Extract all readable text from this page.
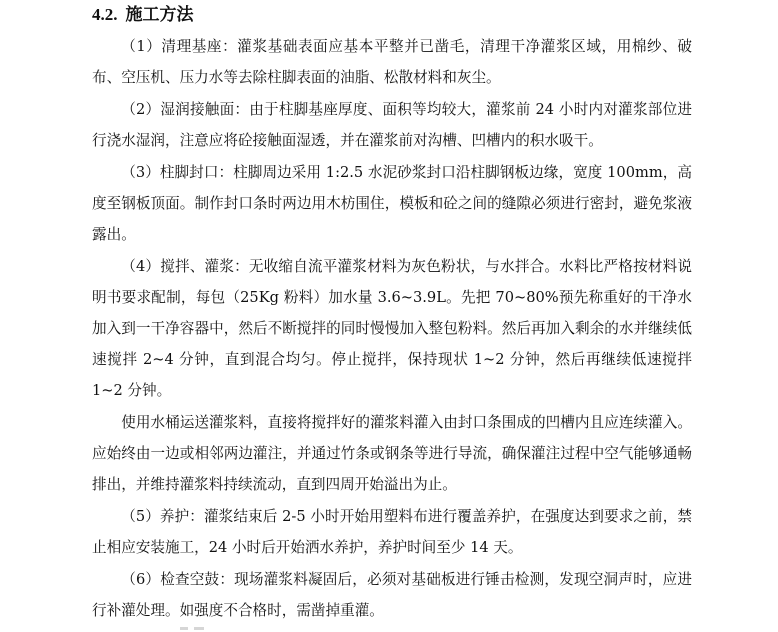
4.2. 施工方法

（1）清理基座：灌浆基础表面应基本平整并已凿毛，清理干净灌浆区域，用棉纱、破布、空压机、压力水等去除柱脚表面的油脂、松散材料和灰尘。

（2）湿润接触面：由于柱脚基座厚度、面积等均较大，灌浆前 24 小时内对灌浆部位进行浇水湿润，注意应将砼接触面湿透，并在灌浆前对沟槽、凹槽内的积水吸干。

（3）柱脚封口：柱脚周边采用 1:2.5 水泥砂浆封口沿柱脚钢板边缘，宽度 100mm，高度至钢板顶面。制作封口条时两边用木枋围住，模板和砼之间的缝隙必须进行密封，避免浆液露出。

（4）搅拌、灌浆：无收缩自流平灌浆材料为灰色粉状，与水拌合。水料比严格按材料说明书要求配制，每包（25Kg 粉料）加水量 3.6~3.9L。先把 70~80%预先称重好的干净水加入到一干净容器中，然后不断搅拌的同时慢慢加入整包粉料。然后再加入剩余的水并继续低速搅拌 2~4 分钟，直到混合均匀。停止搅拌，保持现状 1~2 分钟，然后再继续低速搅拌 1~2 分钟。

使用水桶运送灌浆料，直接将搅拌好的灌浆料灌入由封口条围成的凹槽内且应连续灌入。应始终由一边或相邻两边灌注，并通过竹条或钢条等进行导流，确保灌注过程中空气能够通畅排出，并维持灌浆料持续流动，直到四周开始溢出为止。

（5）养护：灌浆结束后 2-5 小时开始用塑料布进行覆盖养护，在强度达到要求之前，禁止相应安装施工，24 小时后开始洒水养护，养护时间至少 14 天。

（6）检查空鼓：现场灌浆料凝固后，必须对基础板进行锤击检测，发现空洞声时，应进行补灌处理。如强度不合格时，需凿掉重灌。
